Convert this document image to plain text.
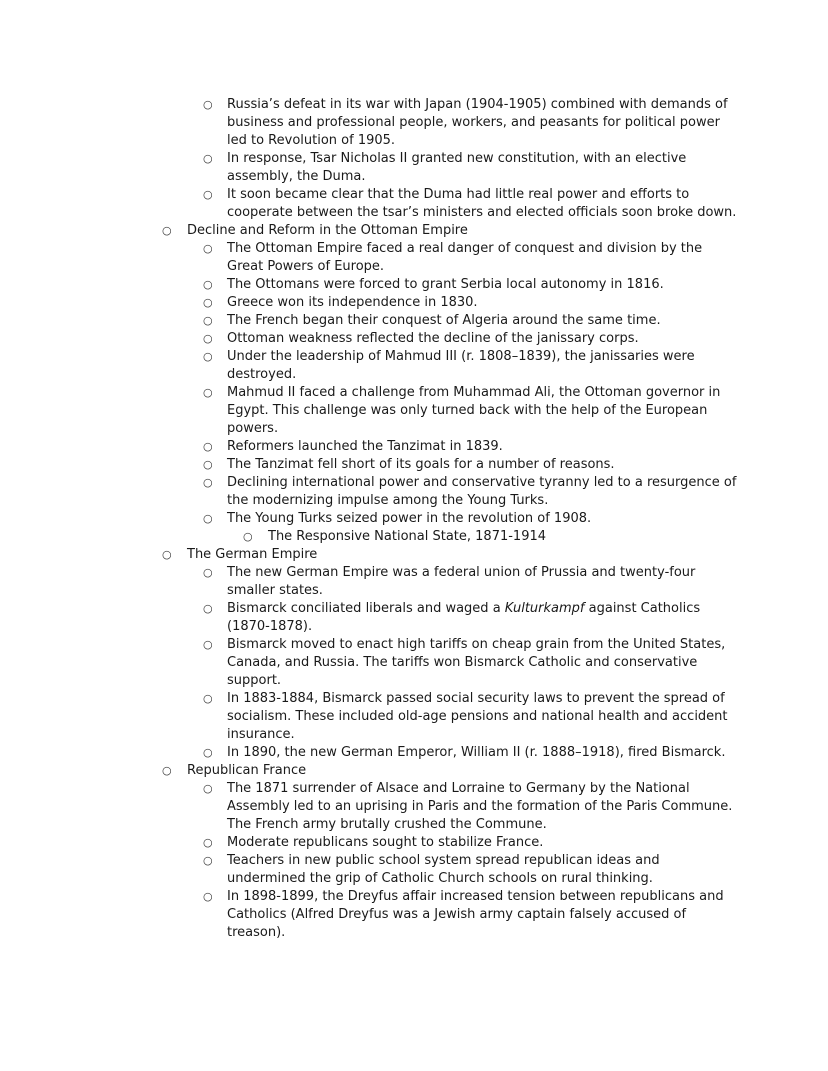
○ Russia’s defeat in its war with Japan (1904-1905) combined with demands of business and professional people, workers, and peasants for political power led to Revolution of 1905.
○ In response, Tsar Nicholas II granted new constitution, with an elective assembly, the Duma.
○ It soon became clear that the Duma had little real power and efforts to cooperate between the tsar’s ministers and elected officials soon broke down.
○ Decline and Reform in the Ottoman Empire
○ The Ottoman Empire faced a real danger of conquest and division by the Great Powers of Europe.
○ The Ottomans were forced to grant Serbia local autonomy in 1816.
○ Greece won its independence in 1830.
○ The French began their conquest of Algeria around the same time.
○ Ottoman weakness reflected the decline of the janissary corps.
○ Under the leadership of Mahmud III (r. 1808–1839), the janissaries were destroyed.
○ Mahmud II faced a challenge from Muhammad Ali, the Ottoman governor in Egypt. This challenge was only turned back with the help of the European powers.
○ Reformers launched the Tanzimat in 1839.
○ The Tanzimat fell short of its goals for a number of reasons.
○ Declining international power and conservative tyranny led to a resurgence of the modernizing impulse among the Young Turks.
○ The Young Turks seized power in the revolution of 1908.
○ The Responsive National State, 1871-1914
○ The German Empire
○ The new German Empire was a federal union of Prussia and twenty-four smaller states.
○ Bismarck conciliated liberals and waged a Kulturkampf against Catholics (1870-1878).
○ Bismarck moved to enact high tariffs on cheap grain from the United States, Canada, and Russia. The tariffs won Bismarck Catholic and conservative support.
○ In 1883-1884, Bismarck passed social security laws to prevent the spread of socialism. These included old-age pensions and national health and accident insurance.
○ In 1890, the new German Emperor, William II (r. 1888–1918), fired Bismarck.
○ Republican France
○ The 1871 surrender of Alsace and Lorraine to Germany by the National Assembly led to an uprising in Paris and the formation of the Paris Commune. The French army brutally crushed the Commune.
○ Moderate republicans sought to stabilize France.
○ Teachers in new public school system spread republican ideas and undermined the grip of Catholic Church schools on rural thinking.
○ In 1898-1899, the Dreyfus affair increased tension between republicans and Catholics (Alfred Dreyfus was a Jewish army captain falsely accused of treason).
